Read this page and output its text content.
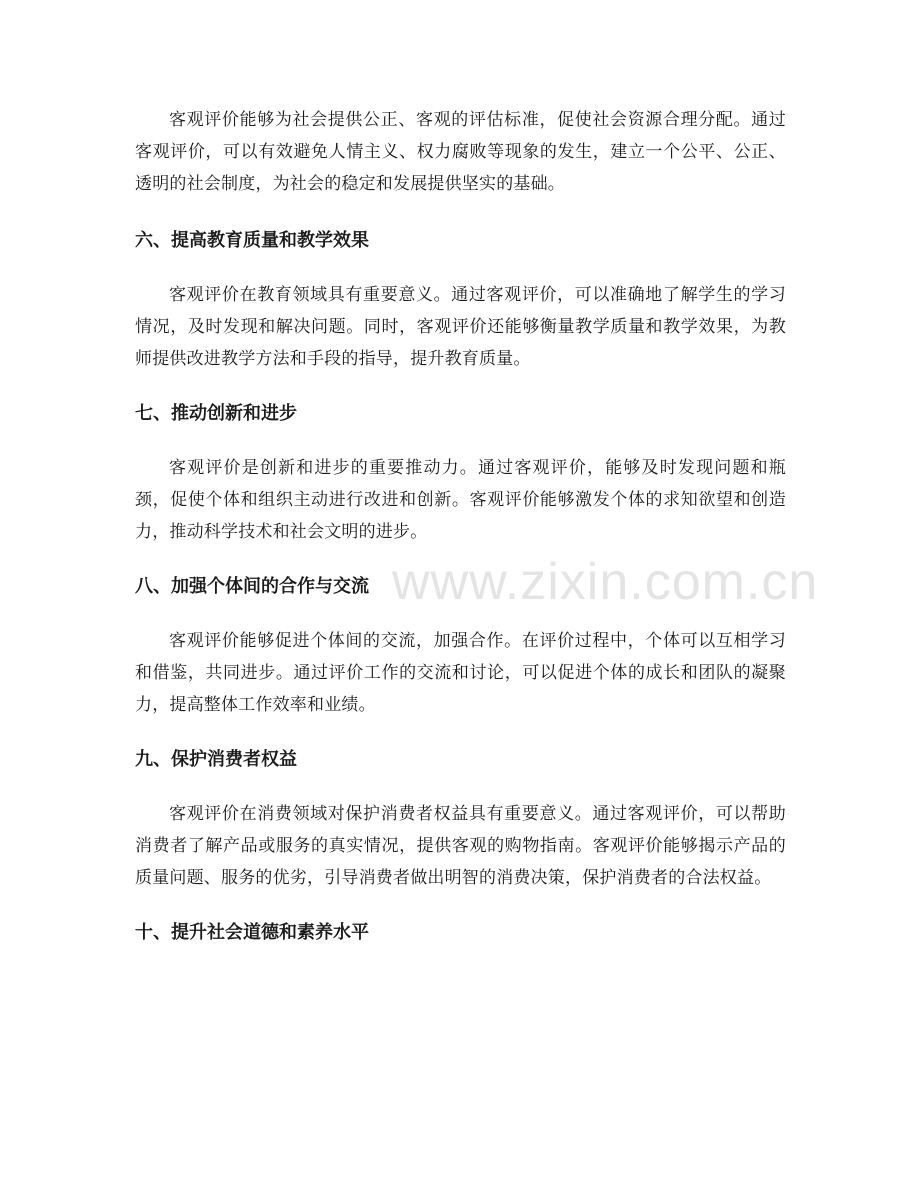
www.zixin.com.cn

客观评价能够为社会提供公正、客观的评估标准，促使社会资源合理分配。通过客观评价，可以有效避免人情主义、权力腐败等现象的发生，建立一个公平、公正、透明的社会制度，为社会的稳定和发展提供坚实的基础。

六、提高教育质量和教学效果

客观评价在教育领域具有重要意义。通过客观评价，可以准确地了解学生的学习情况，及时发现和解决问题。同时，客观评价还能够衡量教学质量和教学效果，为教师提供改进教学方法和手段的指导，提升教育质量。

七、推动创新和进步

客观评价是创新和进步的重要推动力。通过客观评价，能够及时发现问题和瓶颈，促使个体和组织主动进行改进和创新。客观评价能够激发个体的求知欲望和创造力，推动科学技术和社会文明的进步。

八、加强个体间的合作与交流

客观评价能够促进个体间的交流，加强合作。在评价过程中，个体可以互相学习和借鉴，共同进步。通过评价工作的交流和讨论，可以促进个体的成长和团队的凝聚力，提高整体工作效率和业绩。

九、保护消费者权益

客观评价在消费领域对保护消费者权益具有重要意义。通过客观评价，可以帮助消费者了解产品或服务的真实情况，提供客观的购物指南。客观评价能够揭示产品的质量问题、服务的优劣，引导消费者做出明智的消费决策，保护消费者的合法权益。

十、提升社会道德和素养水平
